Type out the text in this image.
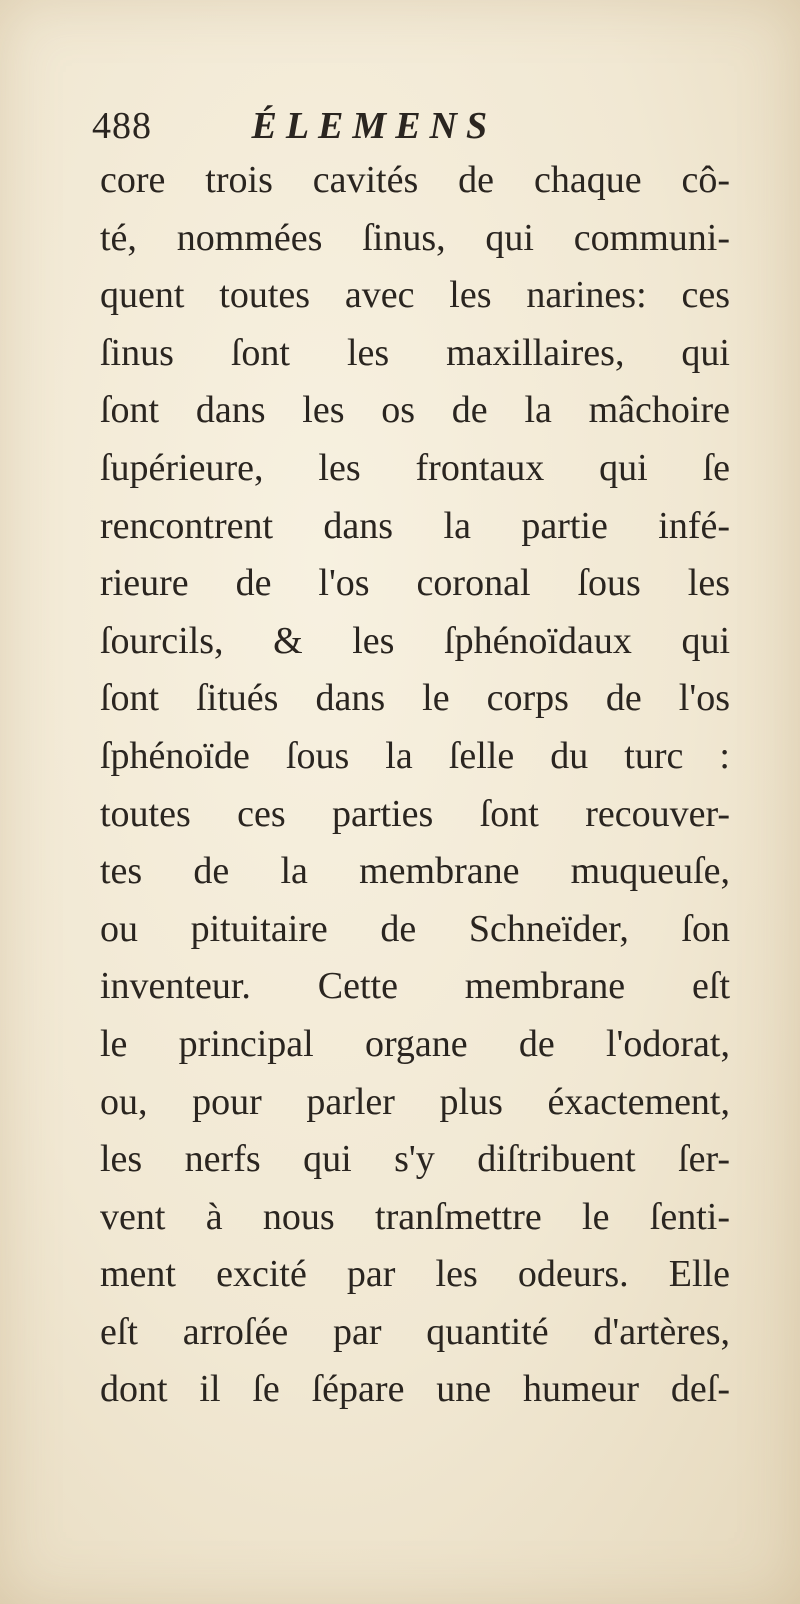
488	ÉLEMENS
core trois cavités de chaque cô-
té, nommées ſinus, qui communi-
quent toutes avec les narines: ces
ſinus ſont les maxillaires, qui
ſont dans les os de la mâchoire
ſupérieure, les frontaux qui ſe
rencontrent dans la partie infé-
rieure de l'os coronal ſous les
ſourcils, & les ſphénoïdaux qui
ſont ſitués dans le corps de l'os
ſphénoïde ſous la ſelle du turc :
toutes ces parties ſont recouver-
tes de la membrane muqueuſe,
ou pituitaire de Schneïder, ſon
inventeur. Cette membrane eſt
le principal organe de l'odorat,
ou, pour parler plus éxactement,
les nerfs qui s'y diſtribuent ſer-
vent à nous tranſmettre le ſenti-
ment excité par les odeurs. Elle
eſt arroſée par quantité d'artères,
dont il ſe ſépare une humeur deſ-
